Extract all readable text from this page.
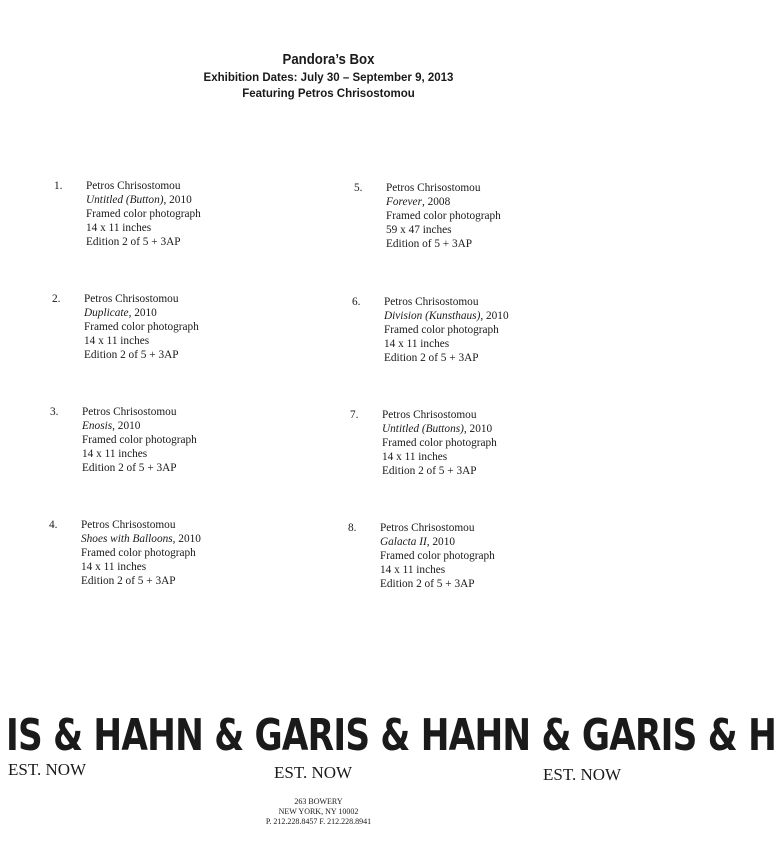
Pandora’s Box
Exhibition Dates: July 30 – September 9, 2013
Featuring Petros Chrisostomou
1. Petros Chrisostomou
Untitled (Button), 2010
Framed color photograph
14 x 11 inches
Edition 2 of 5 + 3AP
2. Petros Chrisostomou
Duplicate, 2010
Framed color photograph
14 x 11 inches
Edition 2 of 5 + 3AP
3. Petros Chrisostomou
Enosis, 2010
Framed color photograph
14 x 11 inches
Edition 2 of 5 + 3AP
4. Petros Chrisostomou
Shoes with Balloons, 2010
Framed color photograph
14 x 11 inches
Edition 2 of 5 + 3AP
5. Petros Chrisostomou
Forever, 2008
Framed color photograph
59 x 47 inches
Edition of 5 + 3AP
6. Petros Chrisostomou
Division (Kunsthaus), 2010
Framed color photograph
14 x 11 inches
Edition 2 of 5 + 3AP
7. Petros Chrisostomou
Untitled (Buttons), 2010
Framed color photograph
14 x 11 inches
Edition 2 of 5 + 3AP
8. Petros Chrisostomou
Galacta II, 2010
Framed color photograph
14 x 11 inches
Edition 2 of 5 + 3AP
IS & HAHN & GARIS & HAHN & GARIS & H
EST. NOW	EST. NOW	EST. NOW
263 BOWERY
NEW YORK, NY 10002
P. 212.228.8457 F. 212.228.8941
